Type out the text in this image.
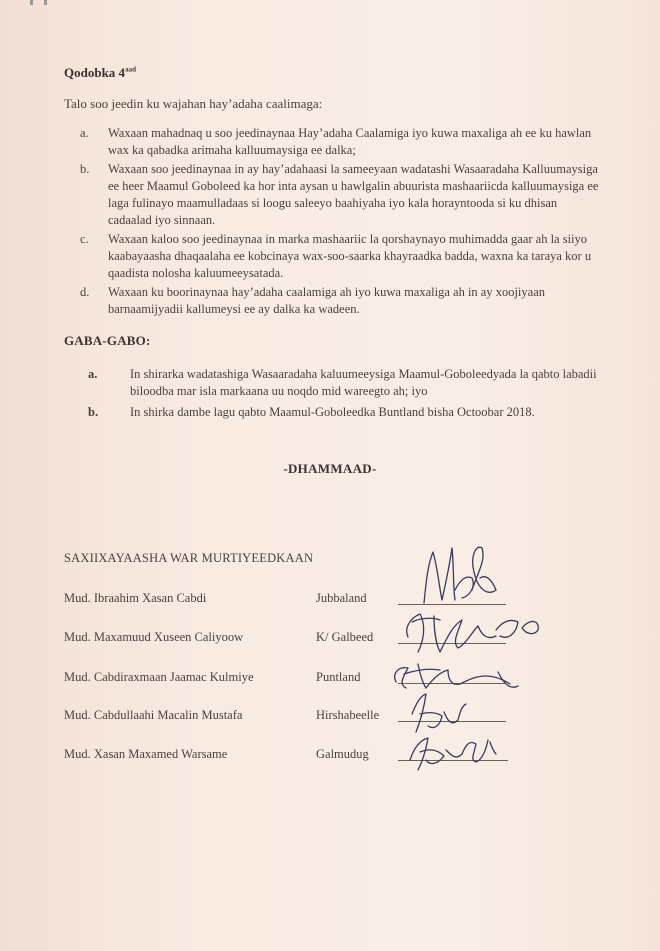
Qodobka $4^{aad}$
Talo soo jeedin ku wajahan hay’adaha caalimaga:
a. Waxaan mahadnaq u soo jeedinaynaa Hay’adaha Caalamiga iyo kuwa maxaliga ah ee ku hawlan wax ka qabadka arimaha kalluumaysiga ee dalka;
b. Waxaan soo jeedinaynaa in ay hay’adahaasi la sameeyaan wadatashi Wasaaradaha Kalluumaysiga ee heer Maamul Goboleed ka hor inta aysan u hawlgalin abuurista mashaariicda kalluumaysiga ee laga fulinayo maamulladaas si loogu saleeyo baahiyaha iyo kala horayntooda si ku dhisan cadaalad iyo sinnaan.
c. Waxaan kaloo soo jeedinaynaa in marka mashaariic la qorshaynayo muhimadda gaar ah la siiyo kaabayaasha dhaqaalaha ee kobcinaya wax-soo-saarka khayraadka badda, waxna ka taraya kor u qaadista nolosha kaluumeeysatada.
d. Waxaan ku boorinaynaa hay’adaha caalamiga ah iyo kuwa maxaliga ah in ay xoojiyaan barnaamijyadii kallumeysi ee ay dalka ka wadeen.
GABA-GABO:
a.	In shirarka wadatashiga Wasaaradaha kaluumeeysiga Maamul-Goboleedyada la qabto labadii biloodba mar isla markaana uu noqdo mid wareegto ah; iyo
b.	In shirka dambe lagu qabto Maamul-Goboleedka Buntland bisha Octoobar 2018.
-DHAMMAAD-
SAXIIXAYAASHA WAR MURTIYEEDKAAN
Mud. Ibraahim Xasan Cabdi	Jubbaland
Mud. Maxamuud Xuseen Caliyoow	K/ Galbeed
Mud. Cabdiraxmaan Jaamac Kulmiye	Puntland
Mud. Cabdullaahi Macalin Mustafa	Hirshabeelle
Mud. Xasan Maxamed Warsame	Galmudug
